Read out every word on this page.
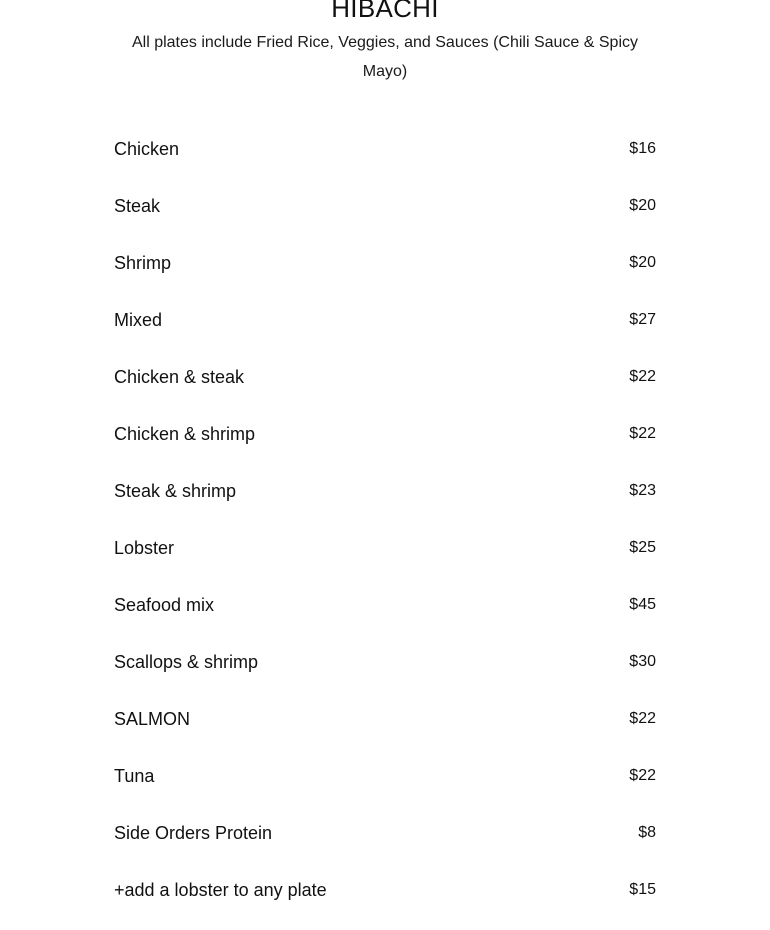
HIBACHI

All plates include Fried Rice, Veggies, and Sauces (Chili Sauce & Spicy Mayo)

Chicken	$16
Steak	$20
Shrimp	$20
Mixed	$27
Chicken & steak	$22
Chicken & shrimp	$22
Steak & shrimp	$23
Lobster	$25
Seafood mix	$45
Scallops & shrimp	$30
SALMON	$22
Tuna	$22
Side Orders Protein	$8
+add a lobster to any plate	$15
